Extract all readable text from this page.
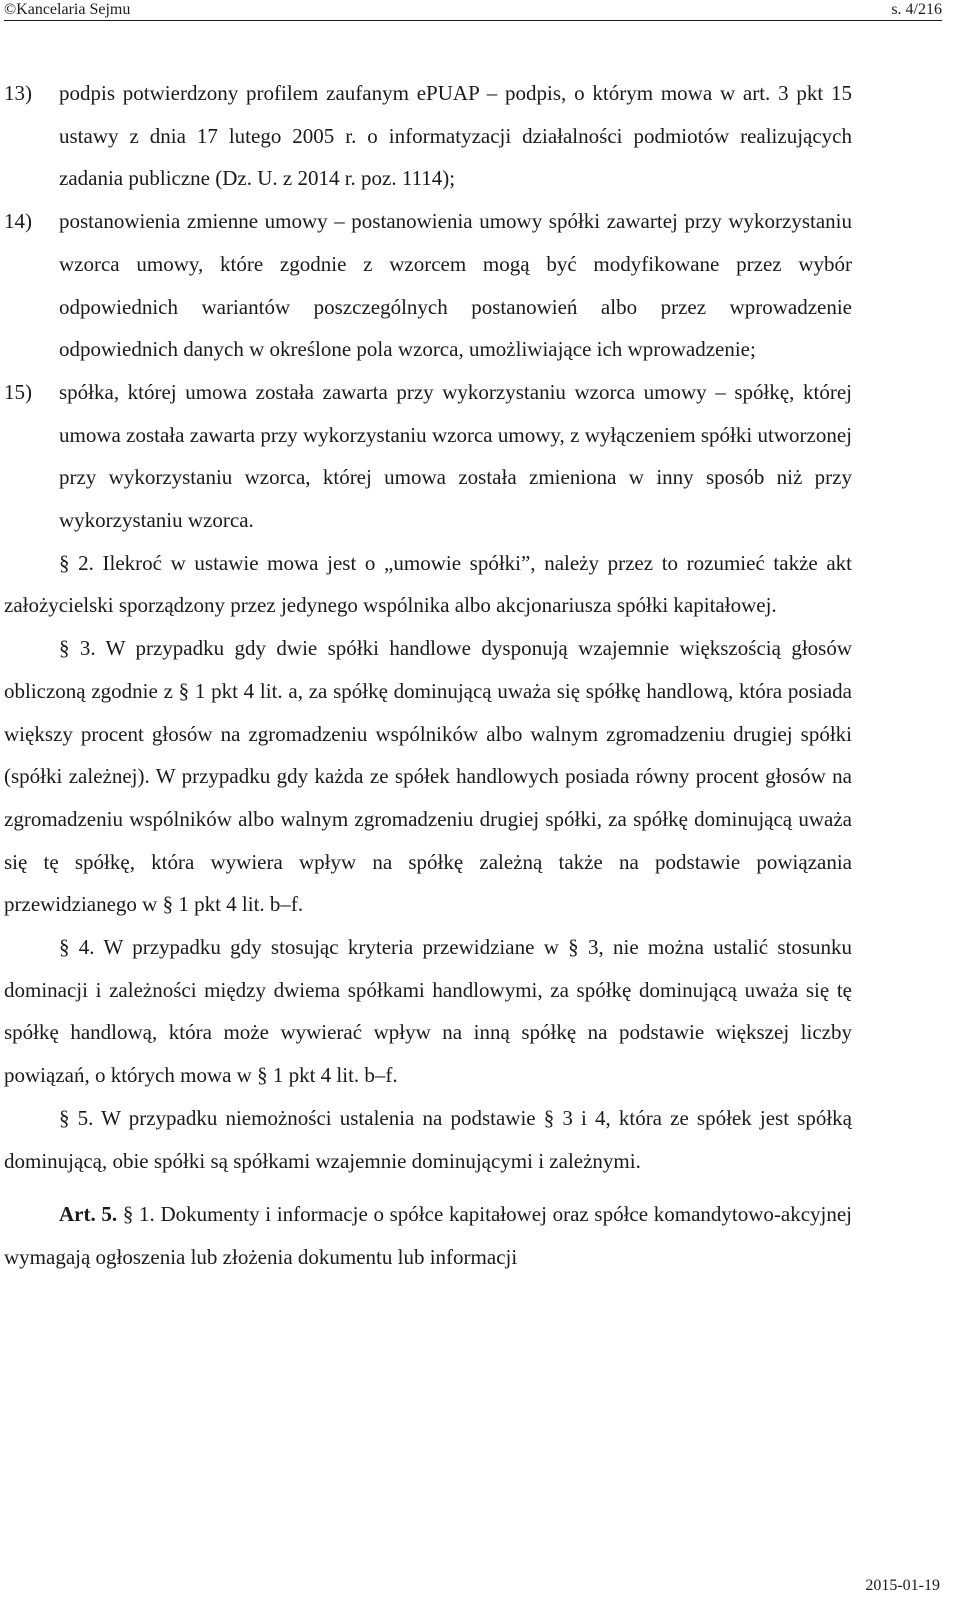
©Kancelaria Sejmu	s. 4/216
13) podpis potwierdzony profilem zaufanym ePUAP – podpis, o którym mowa w art. 3 pkt 15 ustawy z dnia 17 lutego 2005 r. o informatyzacji działalności podmiotów realizujących zadania publiczne (Dz. U. z 2014 r. poz. 1114);
14) postanowienia zmienne umowy – postanowienia umowy spółki zawartej przy wykorzystaniu wzorca umowy, które zgodnie z wzorcem mogą być modyfikowane przez wybór odpowiednich wariantów poszczególnych postanowień albo przez wprowadzenie odpowiednich danych w określone pola wzorca, umożliwiające ich wprowadzenie;
15) spółka, której umowa została zawarta przy wykorzystaniu wzorca umowy – spółkę, której umowa została zawarta przy wykorzystaniu wzorca umowy, z wyłączeniem spółki utworzonej przy wykorzystaniu wzorca, której umowa została zmieniona w inny sposób niż przy wykorzystaniu wzorca.
§ 2. Ilekroć w ustawie mowa jest o „umowie spółki”, należy przez to rozumieć także akt założycielski sporządzony przez jedynego wspólnika albo akcjonariusza spółki kapitałowej.
§ 3. W przypadku gdy dwie spółki handlowe dysponują wzajemnie większością głosów obliczoną zgodnie z § 1 pkt 4 lit. a, za spółkę dominującą uważa się spółkę handlową, która posiada większy procent głosów na zgromadzeniu wspólników albo walnym zgromadzeniu drugiej spółki (spółki zależnej). W przypadku gdy każda ze spółek handlowych posiada równy procent głosów na zgromadzeniu wspólników albo walnym zgromadzeniu drugiej spółki, za spółkę dominującą uważa się tę spółkę, która wywiera wpływ na spółkę zależną także na podstawie powiązania przewidzianego w § 1 pkt 4 lit. b–f.
§ 4. W przypadku gdy stosując kryteria przewidziane w § 3, nie można ustalić stosunku dominacji i zależności między dwiema spółkami handlowymi, za spółkę dominującą uważa się tę spółkę handlową, która może wywierać wpływ na inną spółkę na podstawie większej liczby powiązań, o których mowa w § 1 pkt 4 lit. b–f.
§ 5. W przypadku niemożności ustalenia na podstawie § 3 i 4, która ze spółek jest spółką dominującą, obie spółki są spółkami wzajemnie dominującymi i zależnymi.
Art. 5. § 1. Dokumenty i informacje o spółce kapitałowej oraz spółce komandytowo-akcyjnej wymagają ogłoszenia lub złożenia dokumentu lub informacji
2015-01-19
